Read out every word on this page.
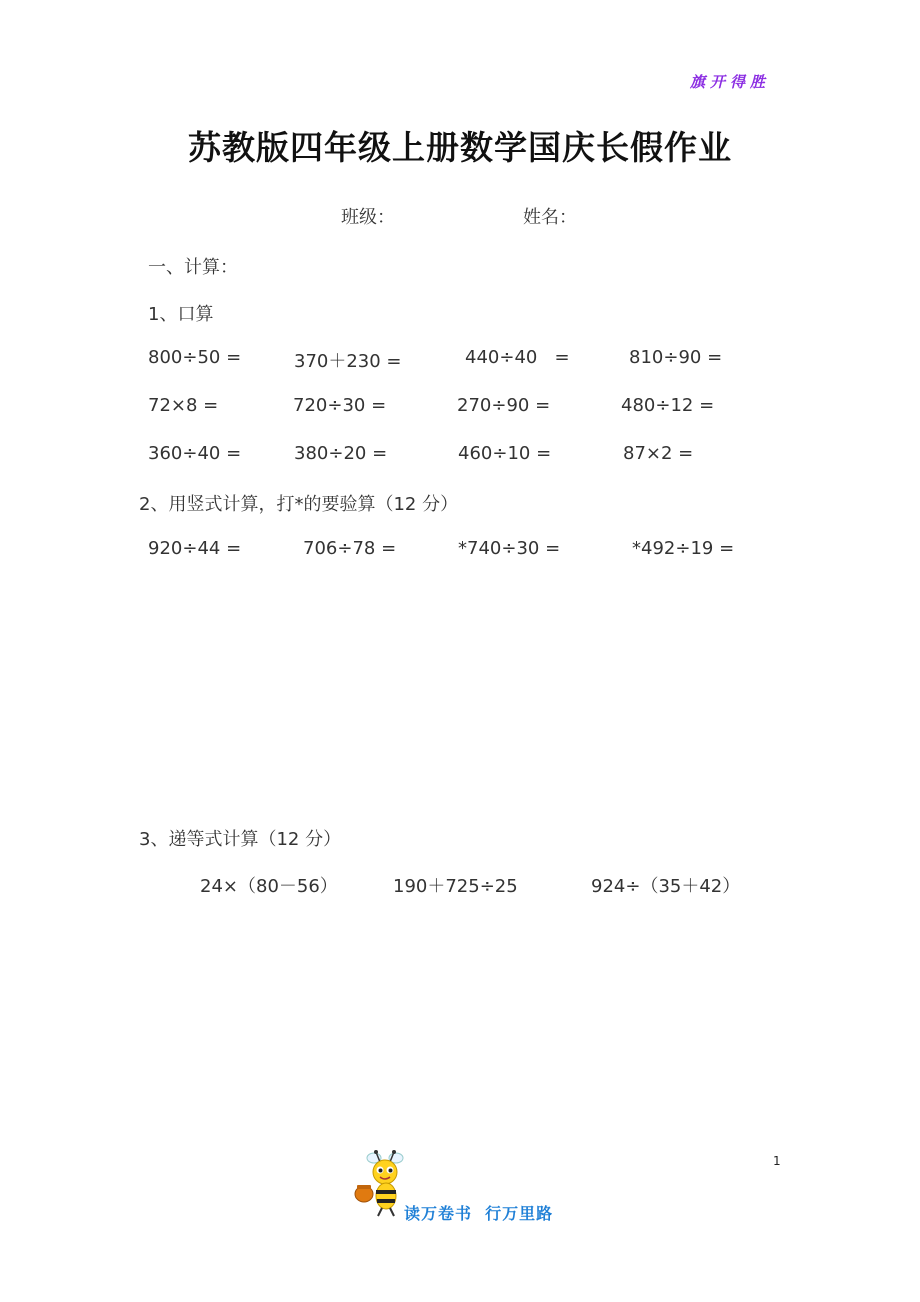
旗开得胜
苏教版四年级上册数学国庆长假作业
班级：	姓名：
一、计算：
1、口算
800÷50 =	370＋230 =	440÷40   =	810÷90 =
72×8 =	720÷30 =	270÷90 =	480÷12 =
360÷40 =	380÷20 =	460÷10 =	87×2 =
2、用竖式计算，打*的要验算（12 分）
920÷44 =	706÷78 =	*740÷30 =	*492÷19 =
3、递等式计算（12 分）
24×（80－56）	190＋725÷25	924÷（35＋42）
1
读万卷书  行万里路
